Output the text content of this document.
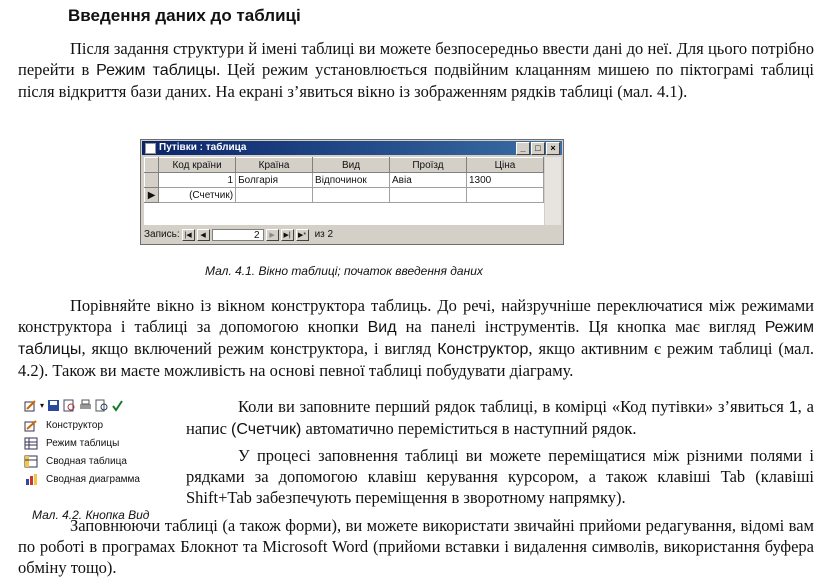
Введення даних до таблиці

Після задання структури й імені таблиці ви можете безпосередньо ввести дані до неї. Для цього потрібно перейти в Режим таблицы. Цей режим установлюється подвійним клацанням мишею по піктограмі таблиці після відкриття бази даних. На екрані з’явиться вікно із зображенням рядків таблиці (мал. 4.1).

Путівки : таблица	_	□	×
	Код країни	Країна	Вид	Проїзд	Ціна
	1	Болгарія	Відпочинок	Авіа	1300
▶	(Счетчик)				
Запись: |◀	◀	2	▶	▶|	▶* из 2
Мал. 4.1. Вікно таблиці; початок введення даних

Порівняйте вікно із вікном конструктора таблиць. До речі, найзручніше переключатися між режимами конструктора і таблиці за допомогою кнопки Вид на панелі інструментів. Ця кнопка має вигляд Режим таблицы, якщо включений режим конструктора, і вигляд Конструктор, якщо активним є режим таблиці (мал. 4.2). Також ви маєте можливість на основі певної таблиці побудувати діаграму.

▾
Конструктор
Режим таблицы
Сводная таблица
Сводная диаграмма
Мал. 4.2. Кнопка Вид

Коли ви заповните перший рядок таблиці, в комірці «Код путівки» з’явиться 1, а напис (Счетчик) автоматично переміститься в наступний рядок.

У процесі заповнення таблиці ви можете переміщатися між різними полями і рядками за допомогою клавіш керування курсором, а також клавіші Tab (клавіші Shift+Tab забезпечують переміщення в зворотному напрямку).

Заповнюючи таблиці (а також форми), ви можете використати звичайні прийоми редагування, відомі вам по роботі в програмах Блокнот та Microsoft Word (прийоми вставки і видалення символів, використання буфера обміну тощо).
